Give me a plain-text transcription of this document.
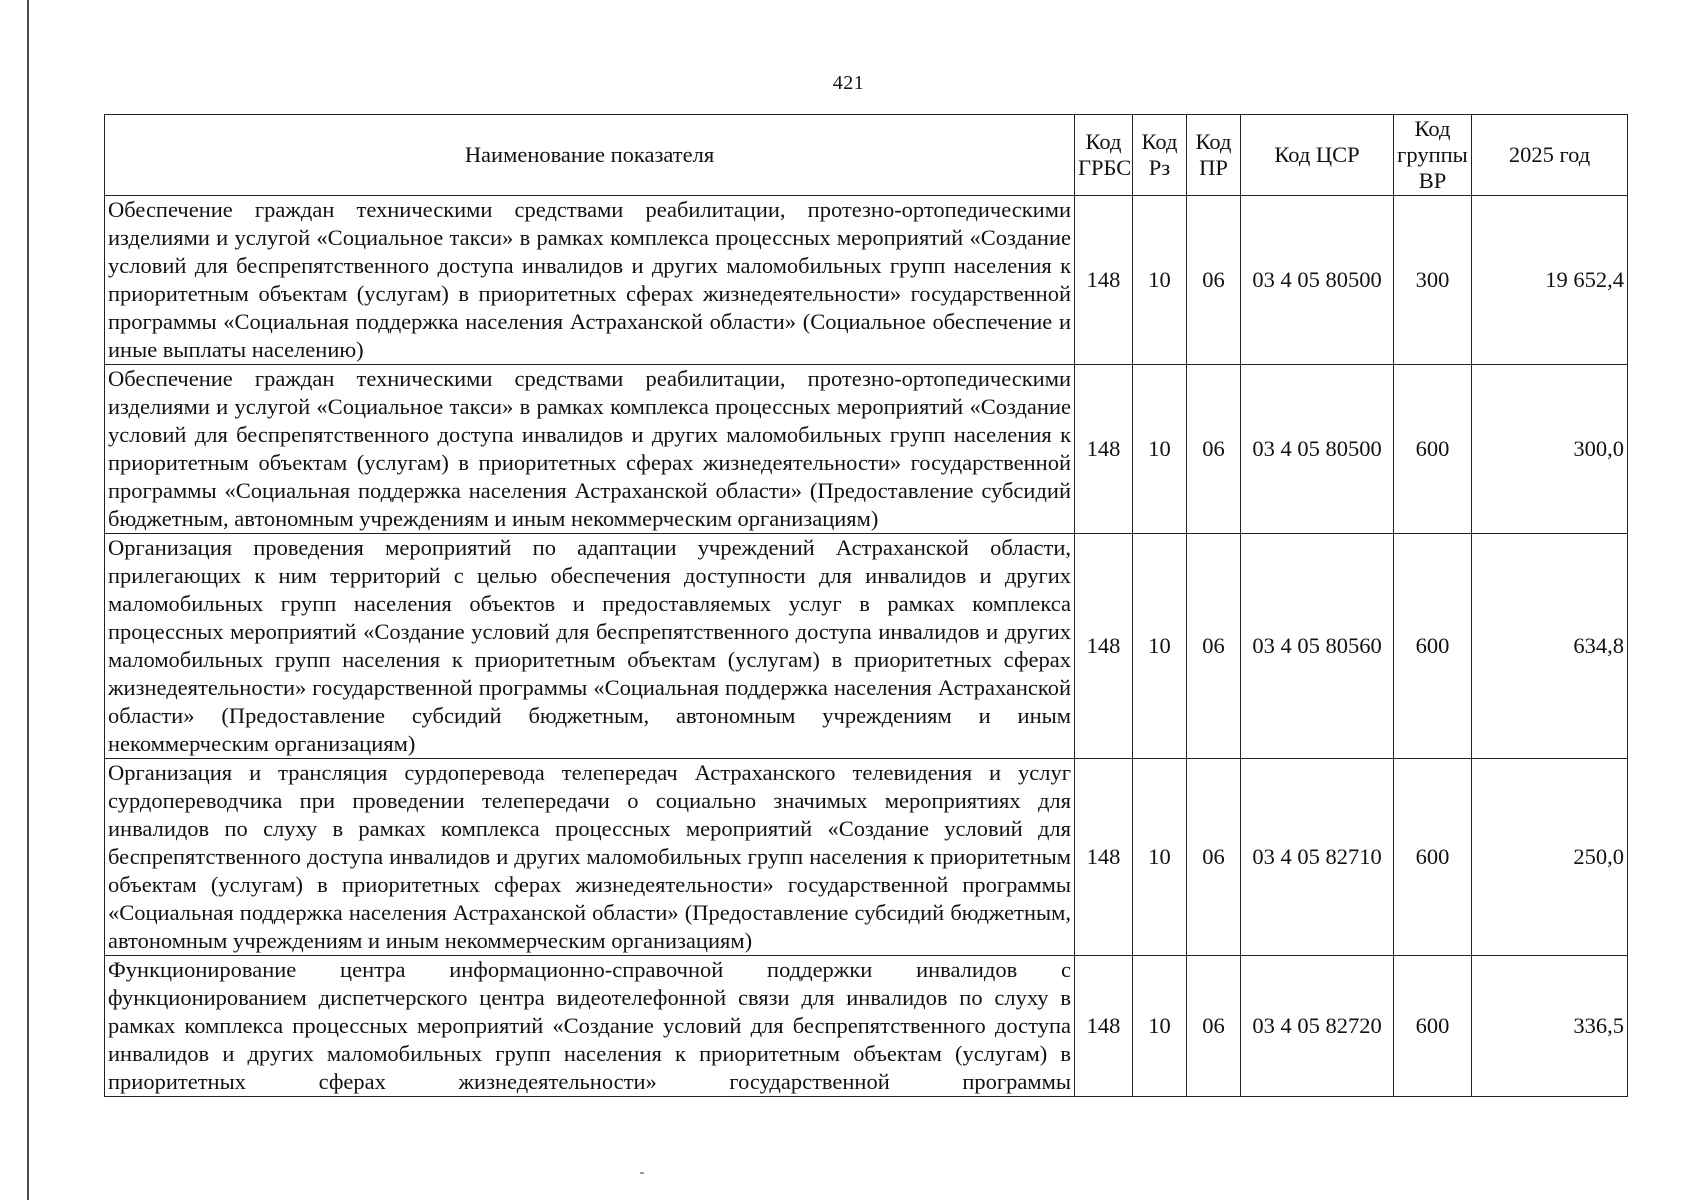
421
Наименование показателя	Код ГРБС	Код Рз	Код ПР	Код ЦСР	Код группы ВР	2025 год
Обеспечение граждан техническими средствами реабилитации, протезно-ортопедическими изделиями и услугой «Социальное такси» в рамках комплекса процессных мероприятий «Создание условий для беспрепятственного доступа инвалидов и других маломобильных групп населения к приоритетным объектам (услугам) в приоритетных сферах жизнедеятельности» государственной программы «Социальная поддержка населения Астраханской области» (Социальное обеспечение и иные выплаты населению)	148	10	06	03 4 05 80500	300	19 652,4
Обеспечение граждан техническими средствами реабилитации, протезно-ортопедическими изделиями и услугой «Социальное такси» в рамках комплекса процессных мероприятий «Создание условий для беспрепятственного доступа инвалидов и других маломобильных групп населения к приоритетным объектам (услугам) в приоритетных сферах жизнедеятельности» государственной программы «Социальная поддержка населения Астраханской области» (Предоставление субсидий бюджетным, автономным учреждениям и иным некоммерческим организациям)	148	10	06	03 4 05 80500	600	300,0
Организация проведения мероприятий по адаптации учреждений Астраханской области, прилегающих к ним территорий с целью обеспечения доступности для инвалидов и других маломобильных групп населения объектов и предоставляемых услуг в рамках комплекса процессных мероприятий «Создание условий для беспрепятственного доступа инвалидов и других маломобильных групп населения к приоритетным объектам (услугам) в приоритетных сферах жизнедеятельности» государственной программы «Социальная поддержка населения Астраханской области» (Предоставление субсидий бюджетным, автономным учреждениям и иным некоммерческим организациям)	148	10	06	03 4 05 80560	600	634,8
Организация и трансляция сурдоперевода телепередач Астраханского телевидения и услуг сурдопереводчика при проведении телепередачи о социально значимых мероприятиях для инвалидов по слуху в рамках комплекса процессных мероприятий «Создание условий для беспрепятственного доступа инвалидов и других маломобильных групп населения к приоритетным объектам (услугам) в приоритетных сферах жизнедеятельности» государственной программы «Социальная поддержка населения Астраханской области» (Предоставление субсидий бюджетным, автономным учреждениям и иным некоммерческим организациям)	148	10	06	03 4 05 82710	600	250,0
Функционирование центра информационно-справочной поддержки инвалидов с функционированием диспетчерского центра видеотелефонной связи для инвалидов по слуху в рамках комплекса процессных мероприятий «Создание условий для беспрепятственного доступа инвалидов и других маломобильных групп населения к приоритетным объектам (услугам) в приоритетных сферах жизнедеятельности» государственной программы	148	10	06	03 4 05 82720	600	336,5
